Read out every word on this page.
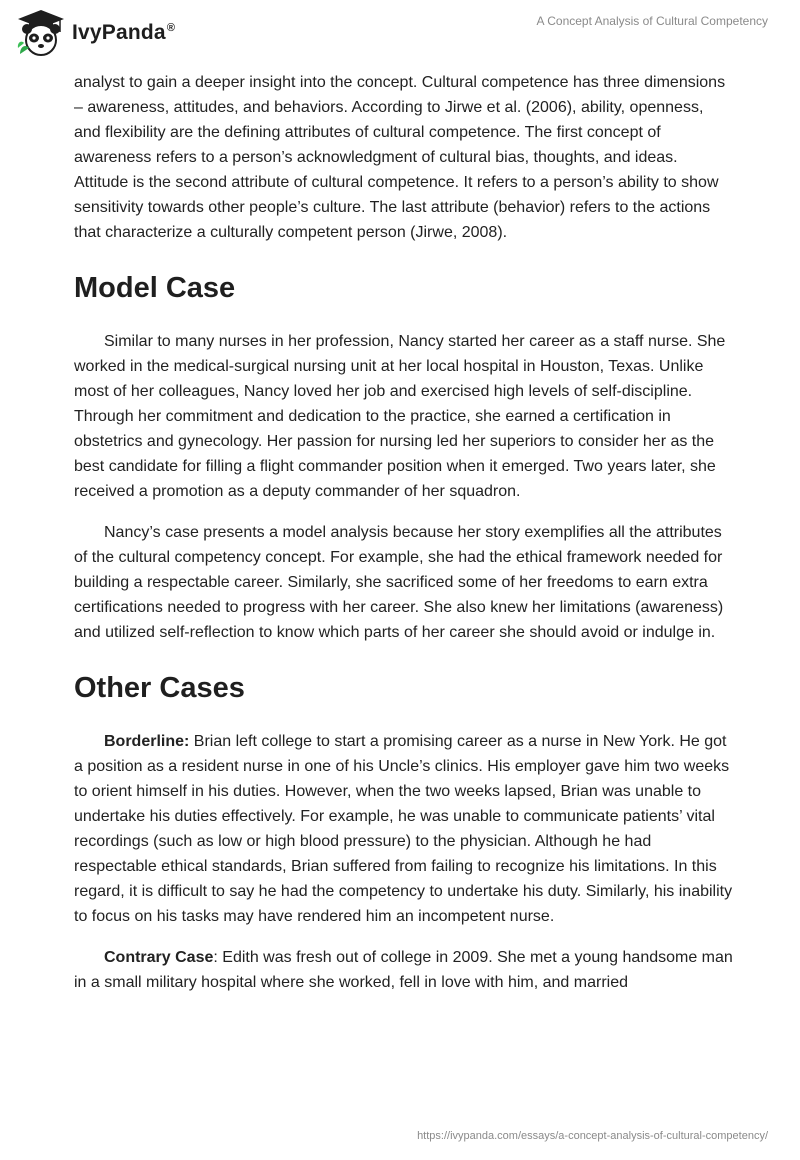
IvyPanda®	A Concept Analysis of Cultural Competency

analyst to gain a deeper insight into the concept. Cultural competence has three dimensions – awareness, attitudes, and behaviors. According to Jirwe et al. (2006), ability, openness, and flexibility are the defining attributes of cultural competence. The first concept of awareness refers to a person’s acknowledgment of cultural bias, thoughts, and ideas. Attitude is the second attribute of cultural competence. It refers to a person’s ability to show sensitivity towards other people’s culture. The last attribute (behavior) refers to the actions that characterize a culturally competent person (Jirwe, 2008).

Model Case

Similar to many nurses in her profession, Nancy started her career as a staff nurse. She worked in the medical-surgical nursing unit at her local hospital in Houston, Texas. Unlike most of her colleagues, Nancy loved her job and exercised high levels of self-discipline. Through her commitment and dedication to the practice, she earned a certification in obstetrics and gynecology. Her passion for nursing led her superiors to consider her as the best candidate for filling a flight commander position when it emerged. Two years later, she received a promotion as a deputy commander of her squadron.

Nancy’s case presents a model analysis because her story exemplifies all the attributes of the cultural competency concept. For example, she had the ethical framework needed for building a respectable career. Similarly, she sacrificed some of her freedoms to earn extra certifications needed to progress with her career. She also knew her limitations (awareness) and utilized self-reflection to know which parts of her career she should avoid or indulge in.

Other Cases

Borderline: Brian left college to start a promising career as a nurse in New York. He got a position as a resident nurse in one of his Uncle’s clinics. His employer gave him two weeks to orient himself in his duties. However, when the two weeks lapsed, Brian was unable to undertake his duties effectively. For example, he was unable to communicate patients’ vital recordings (such as low or high blood pressure) to the physician. Although he had respectable ethical standards, Brian suffered from failing to recognize his limitations. In this regard, it is difficult to say he had the competency to undertake his duty. Similarly, his inability to focus on his tasks may have rendered him an incompetent nurse.

Contrary Case: Edith was fresh out of college in 2009. She met a young handsome man in a small military hospital where she worked, fell in love with him, and married

https://ivypanda.com/essays/a-concept-analysis-of-cultural-competency/
